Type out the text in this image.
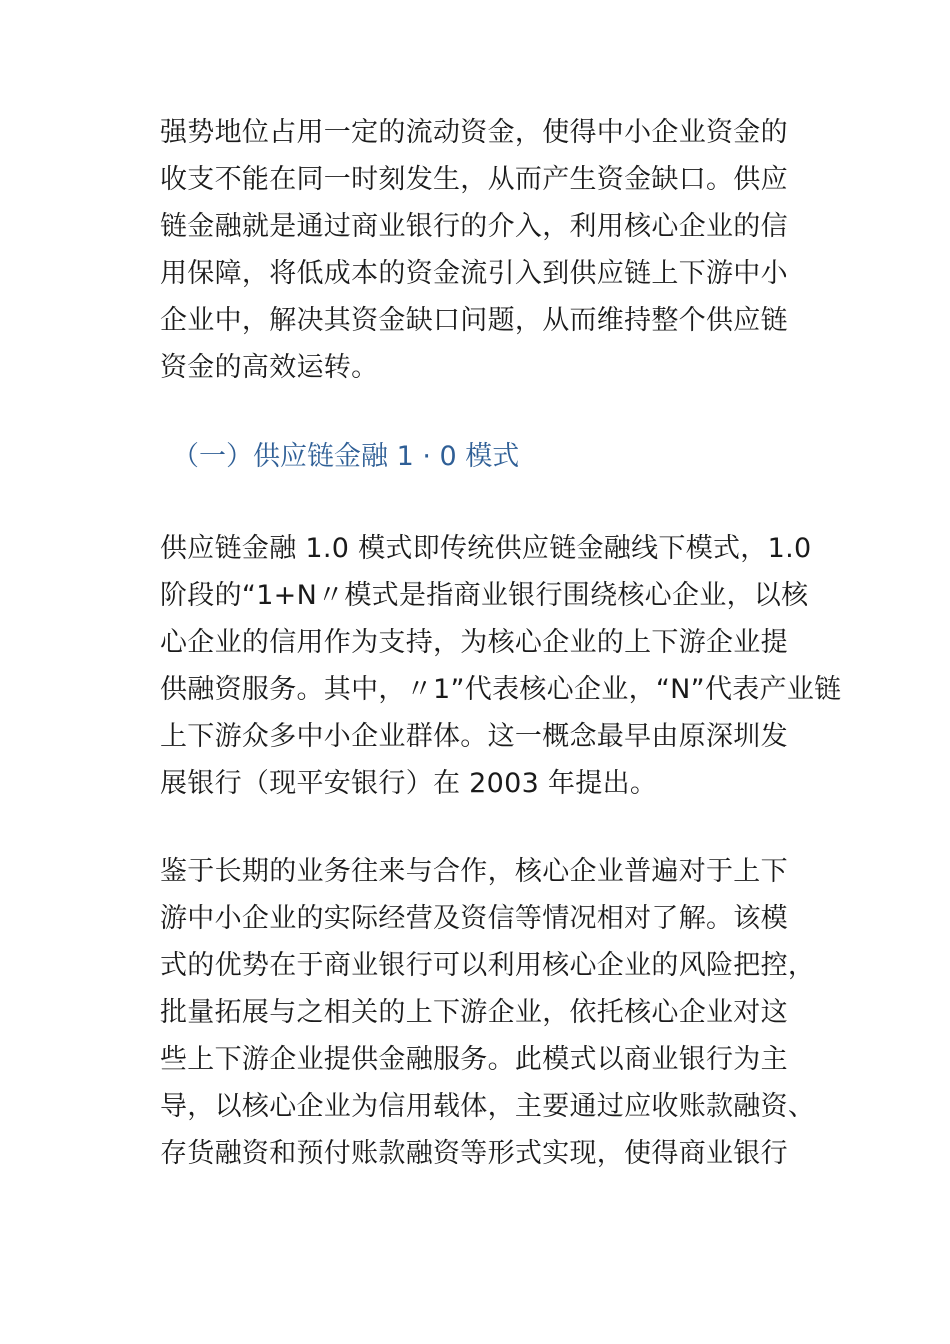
强势地位占用一定的流动资金，使得中小企业资金的
收支不能在同一时刻发生，从而产生资金缺口。供应
链金融就是通过商业银行的介入，利用核心企业的信
用保障，将低成本的资金流引入到供应链上下游中小
企业中，解决其资金缺口问题，从而维持整个供应链
资金的高效运转。

（一）供应链金融 1 · 0 模式

供应链金融 1.0 模式即传统供应链金融线下模式，1.0
阶段的“1+N〃模式是指商业银行围绕核心企业，以核
心企业的信用作为支持，为核心企业的上下游企业提
供融资服务。其中，〃1”代表核心企业，“N”代表产业链
上下游众多中小企业群体。这一概念最早由原深圳发
展银行（现平安银行）在 2003 年提出。

鉴于长期的业务往来与合作，核心企业普遍对于上下
游中小企业的实际经营及资信等情况相对了解。该模
式的优势在于商业银行可以利用核心企业的风险把控，
批量拓展与之相关的上下游企业，依托核心企业对这
些上下游企业提供金融服务。此模式以商业银行为主
导，以核心企业为信用载体，主要通过应收账款融资、
存货融资和预付账款融资等形式实现，使得商业银行
